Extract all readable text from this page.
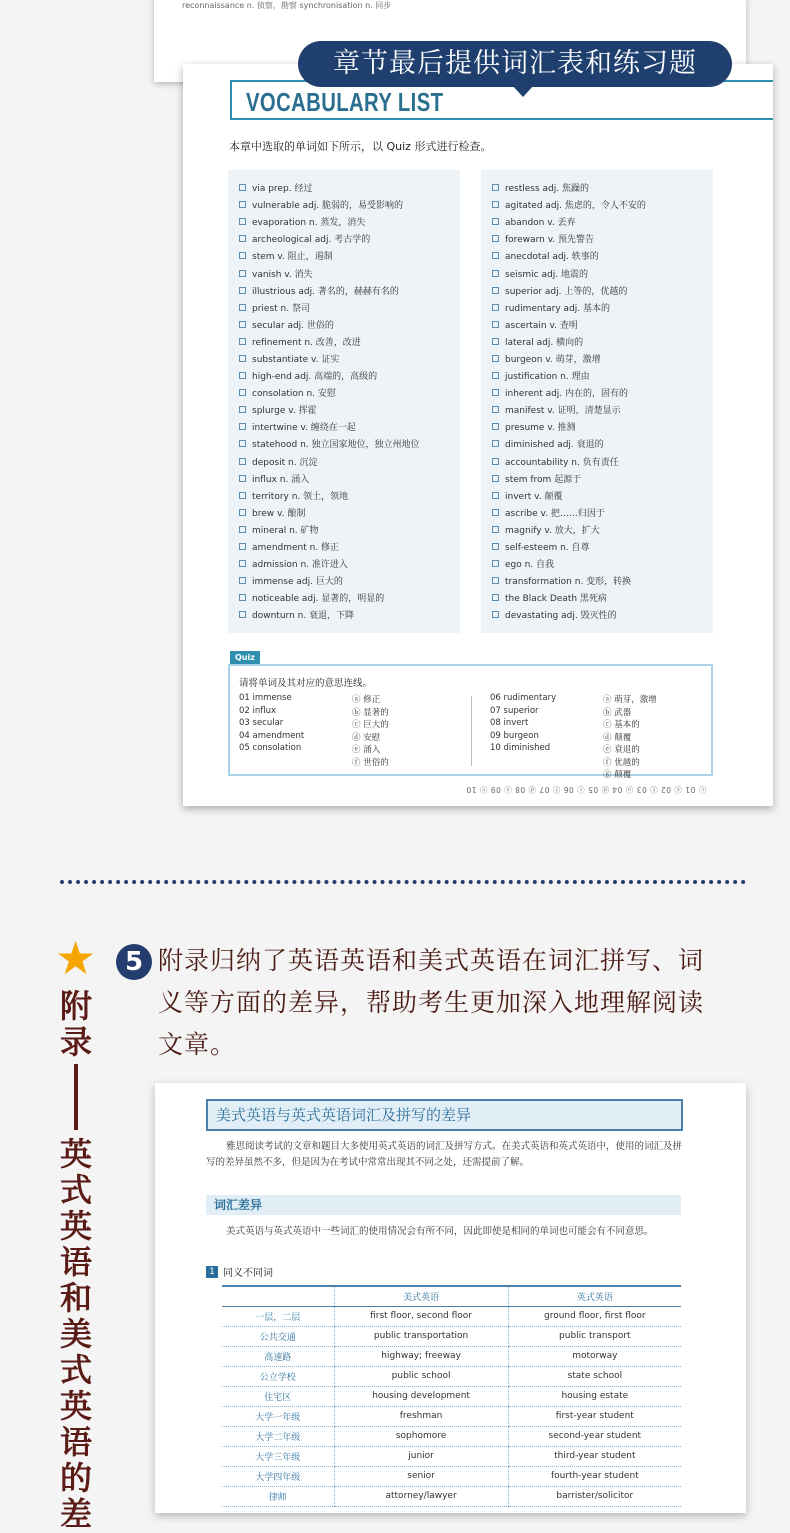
reconnaissance n. 侦察，勘察 synchronisation n. 同步
VOCABULARY LIST
本章中选取的单词如下所示，以 Quiz 形式进行检查。
via prep. 经过
vulnerable adj. 脆弱的，易受影响的
evaporation n. 蒸发，消失
archeological adj. 考古学的
stem v. 阻止，遏制
vanish v. 消失
illustrious adj. 著名的，赫赫有名的
priest n. 祭司
secular adj. 世俗的
refinement n. 改善，改进
substantiate v. 证实
high-end adj. 高端的，高级的
consolation n. 安慰
splurge v. 挥霍
intertwine v. 缠绕在一起
statehood n. 独立国家地位，独立州地位
deposit n. 沉淀
influx n. 涌入
territory n. 领土，领地
brew v. 酿制
mineral n. 矿物
amendment n. 修正
admission n. 准许进入
immense adj. 巨大的
noticeable adj. 显著的，明显的
downturn n. 衰退，下降
restless adj. 焦躁的
agitated adj. 焦虑的，令人不安的
abandon v. 丢弃
forewarn v. 预先警告
anecdotal adj. 轶事的
seismic adj. 地震的
superior adj. 上等的，优越的
rudimentary adj. 基本的
ascertain v. 查明
lateral adj. 横向的
burgeon v. 萌芽，激增
justification n. 理由
inherent adj. 内在的，固有的
manifest v. 证明，清楚显示
presume v. 推测
diminished adj. 衰退的
accountability n. 负有责任
stem from 起源于
invert v. 颠覆
ascribe v. 把……归因于
magnify v. 放大，扩大
self-esteem n. 自尊
ego n. 自我
transformation n. 变形，转换
the Black Death 黑死病
devastating adj. 毁灭性的
Quiz
请将单词及其对应的意思连线。
01 immense
02 influx
03 secular
04 amendment
05 consolation
ⓐ 修正
ⓑ 显著的
ⓒ 巨大的
ⓓ 安慰
ⓔ 涌入
ⓕ 世俗的
06 rudimentary
07 superior
08 invert
09 burgeon
10 diminished
ⓐ 萌芽，激增
ⓑ 武器
ⓒ 基本的
ⓓ 颠覆
ⓔ 衰退的
ⓕ 优越的
ⓖ 颠覆
ⓒ 01 ⓔ 02 ⓕ 03 ⓐ 04 ⓓ 05 ⓒ 06 ⓕ 07 ⓓ 08 ⓐ 09 ⓔ 10
章节最后提供词汇表和练习题
★
附
录
英
式
英
语
和
美
式
英
语
的
差
5 附录归纳了英语英语和美式英语在词汇拼写、词义等方面的差异，帮助考生更加深入地理解阅读文章。
美式英语与英式英语词汇及拼写的差异
雅思阅读考试的文章和题目大多使用英式英语的词汇及拼写方式。在美式英语和英式英语中，使用的词汇及拼写的差异虽然不多，但是因为在考试中常常出现其不同之处，还需提前了解。
词汇差异
美式英语与英式英语中一些词汇的使用情况会有所不同，因此即使是相同的单词也可能会有不同意思。
1 同义不同词
	美式英语	英式英语
一层，二层	first floor, second floor	ground floor, first floor
公共交通	public transportation	public transport
高速路	highway; freeway	motorway
公立学校	public school	state school
住宅区	housing development	housing estate
大学一年级	freshman	first-year student
大学二年级	sophomore	second-year student
大学三年级	junior	third-year student
大学四年级	senior	fourth-year student
律师	attorney/lawyer	barrister/solicitor
